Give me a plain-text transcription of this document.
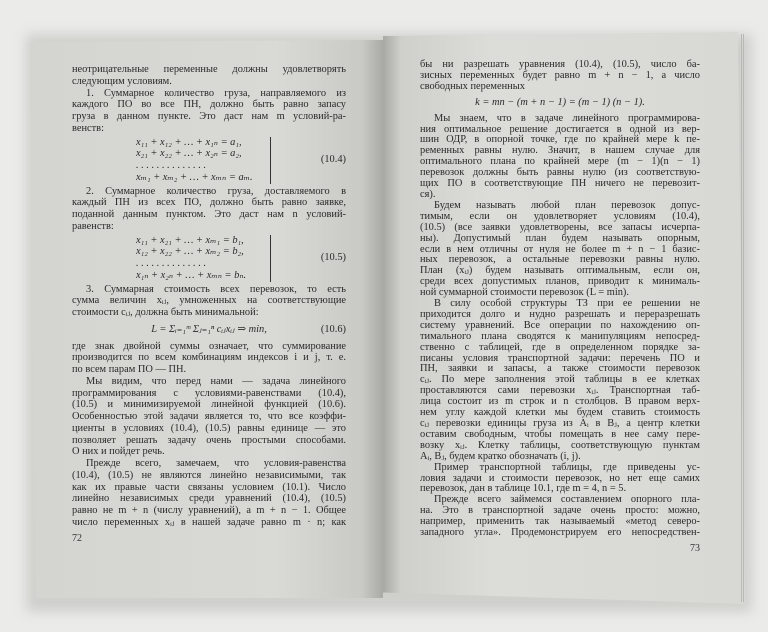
неотрицательные переменные должны удовлетворять
следующим условиям.
1. Суммарное количество груза, направляемого из
каждого ПО во все ПН, должно быть равно запасу
груза в данном пункте. Это даст нам m условий-ра-
венств:
x₁₁ + x₁₂ + … + x₁ₙ = a₁,
x₂₁ + x₂₂ + … + x₂ₙ = a₂,
. . . . . . . . . . . . . .
xₘ₁ + xₘ₂ + … + xₘₙ = aₘ.
(10.4)
2. Суммарное количество груза, доставляемого в
каждый ПН из всех ПО, должно быть равно заявке,
поданной данным пунктом. Это даст нам n условий-
равенств:
x₁₁ + x₂₁ + … + xₘ₁ = b₁,
x₁₂ + x₂₂ + … + xₘ₂ = b₂,
. . . . . . . . . . . . . .
x₁ₙ + x₂ₙ + … + xₘₙ = bₙ.
(10.5)
3. Суммарная стоимость всех перевозок, то есть
сумма величин xᵢⱼ, умноженных на соответствующие
стоимости cᵢⱼ, должна быть минимальной:
L = Σᵢ₌₁ᵐ Σⱼ₌₁ⁿ cᵢⱼxᵢⱼ ⇒ min,	(10.6)
где знак двойной суммы означает, что суммирование
производится по всем комбинациям индексов i и j, т. е.
по всем парам ПО — ПН.
Мы видим, что перед нами — задача линейного
программирования с условиями-равенствами (10.4),
(10.5) и минимизируемой линейной функцией (10.6).
Особенностью этой задачи является то, что все коэффи-
циенты в условиях (10.4), (10.5) равны единице — это
позволяет решать задачу очень простыми способами.
О них и пойдет речь.
Прежде всего, замечаем, что условия-равенства
(10.4), (10.5) не являются линейно независимыми, так
как их правые части связаны условием (10.1). Число
линейно независимых среди уравнений (10.4), (10.5)
равно не m + n (числу уравнений), а m + n − 1. Общее
число переменных xᵢⱼ в нашей задаче равно m · n; как
72
бы ни разрешать уравнения (10.4), (10.5), число ба-
зисных переменных будет равно m + n − 1, а число
свободных переменных
k = mn − (m + n − 1) = (m − 1) (n − 1).
Мы знаем, что в задаче линейного программирова-
ния оптимальное решение достигается в одной из вер-
шин ОДР, в опорной точке, где по крайней мере k пе-
ременных равны нулю. Значит, в нашем случае для
оптимального плана по крайней мере (m − 1)(n − 1)
перевозок должны быть равны нулю (из соответствую-
щих ПО в соответствующие ПН ничего не перевозит-
ся).
Будем называть любой план перевозок допус-
тимым, если он удовлетворяет условиям (10.4),
(10.5) (все заявки удовлетворены, все запасы исчерпа-
ны). Допустимый план будем называть опорным,
если в нем отличны от нуля не более m + n − 1 базис-
ных перевозок, а остальные перевозки равны нулю.
План (xᵢⱼ) будем называть оптимальным, если он,
среди всех допустимых планов, приводит к минималь-
ной суммарной стоимости перевозок (L = min).
В силу особой структуры ТЗ при ее решении не
приходится долго и нудно разрешать и переразрешать
систему уравнений. Все операции по нахождению оп-
тимального плана сводятся к манипуляциям непосред-
ственно с таблицей, где в определенном порядке за-
писаны условия транспортной задачи: перечень ПО и
ПН, заявки и запасы, а также стоимости перевозок
cᵢⱼ. По мере заполнения этой таблицы в ее клетках
проставляются сами перевозки xᵢⱼ. Транспортная таб-
лица состоит из m строк и n столбцов. В правом верх-
нем углу каждой клетки мы будем ставить стоимость
cᵢⱼ перевозки единицы груза из Aᵢ в Bⱼ, а центр клетки
оставим свободным, чтобы помещать в нее саму пере-
возку xᵢⱼ. Клетку таблицы, соответствующую пунктам
Aᵢ, Bⱼ, будем кратко обозначать (i, j).
Пример транспортной таблицы, где приведены ус-
ловия задачи и стоимости перевозок, но нет еще самих
перевозок, дан в таблице 10.1, где m = 4, n = 5.
Прежде всего займемся составлением опорного пла-
на. Это в транспортной задаче очень просто: можно,
например, применить так называемый «метод северо-
западного угла». Продемонстрируем его непосредствен-
73
